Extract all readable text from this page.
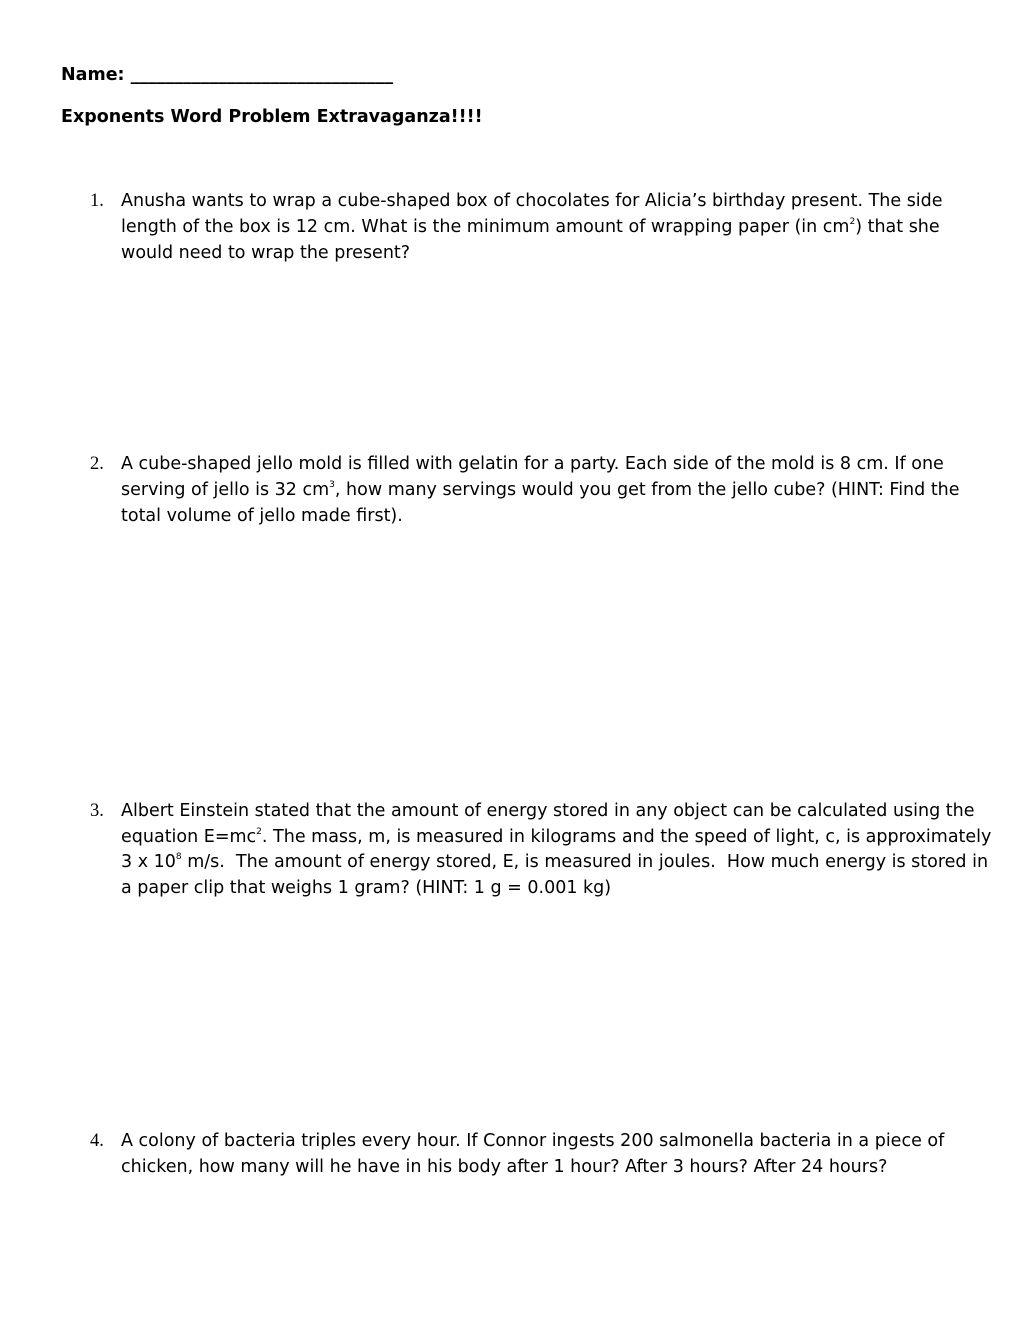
Name: ______________________________
Exponents Word Problem Extravaganza!!!!
1. Anusha wants to wrap a cube-shaped box of chocolates for Alicia’s birthday present. The side
length of the box is 12 cm. What is the minimum amount of wrapping paper (in $cm^2$) that she
would need to wrap the present?
2. A cube-shaped jello mold is filled with gelatin for a party. Each side of the mold is 8 cm. If one
serving of jello is 32 $cm^3$, how many servings would you get from the jello cube? (HINT: Find the
total volume of jello made first).
3. Albert Einstein stated that the amount of energy stored in any object can be calculated using the
equation $E=mc^2$. The mass, m, is measured in kilograms and the speed of light, c, is approximately
3 x $10^8$ m/s.  The amount of energy stored, E, is measured in joules.  How much energy is stored in
a paper clip that weighs 1 gram? (HINT: 1 g = 0.001 kg)
4. A colony of bacteria triples every hour. If Connor ingests 200 salmonella bacteria in a piece of
chicken, how many will he have in his body after 1 hour? After 3 hours? After 24 hours?
